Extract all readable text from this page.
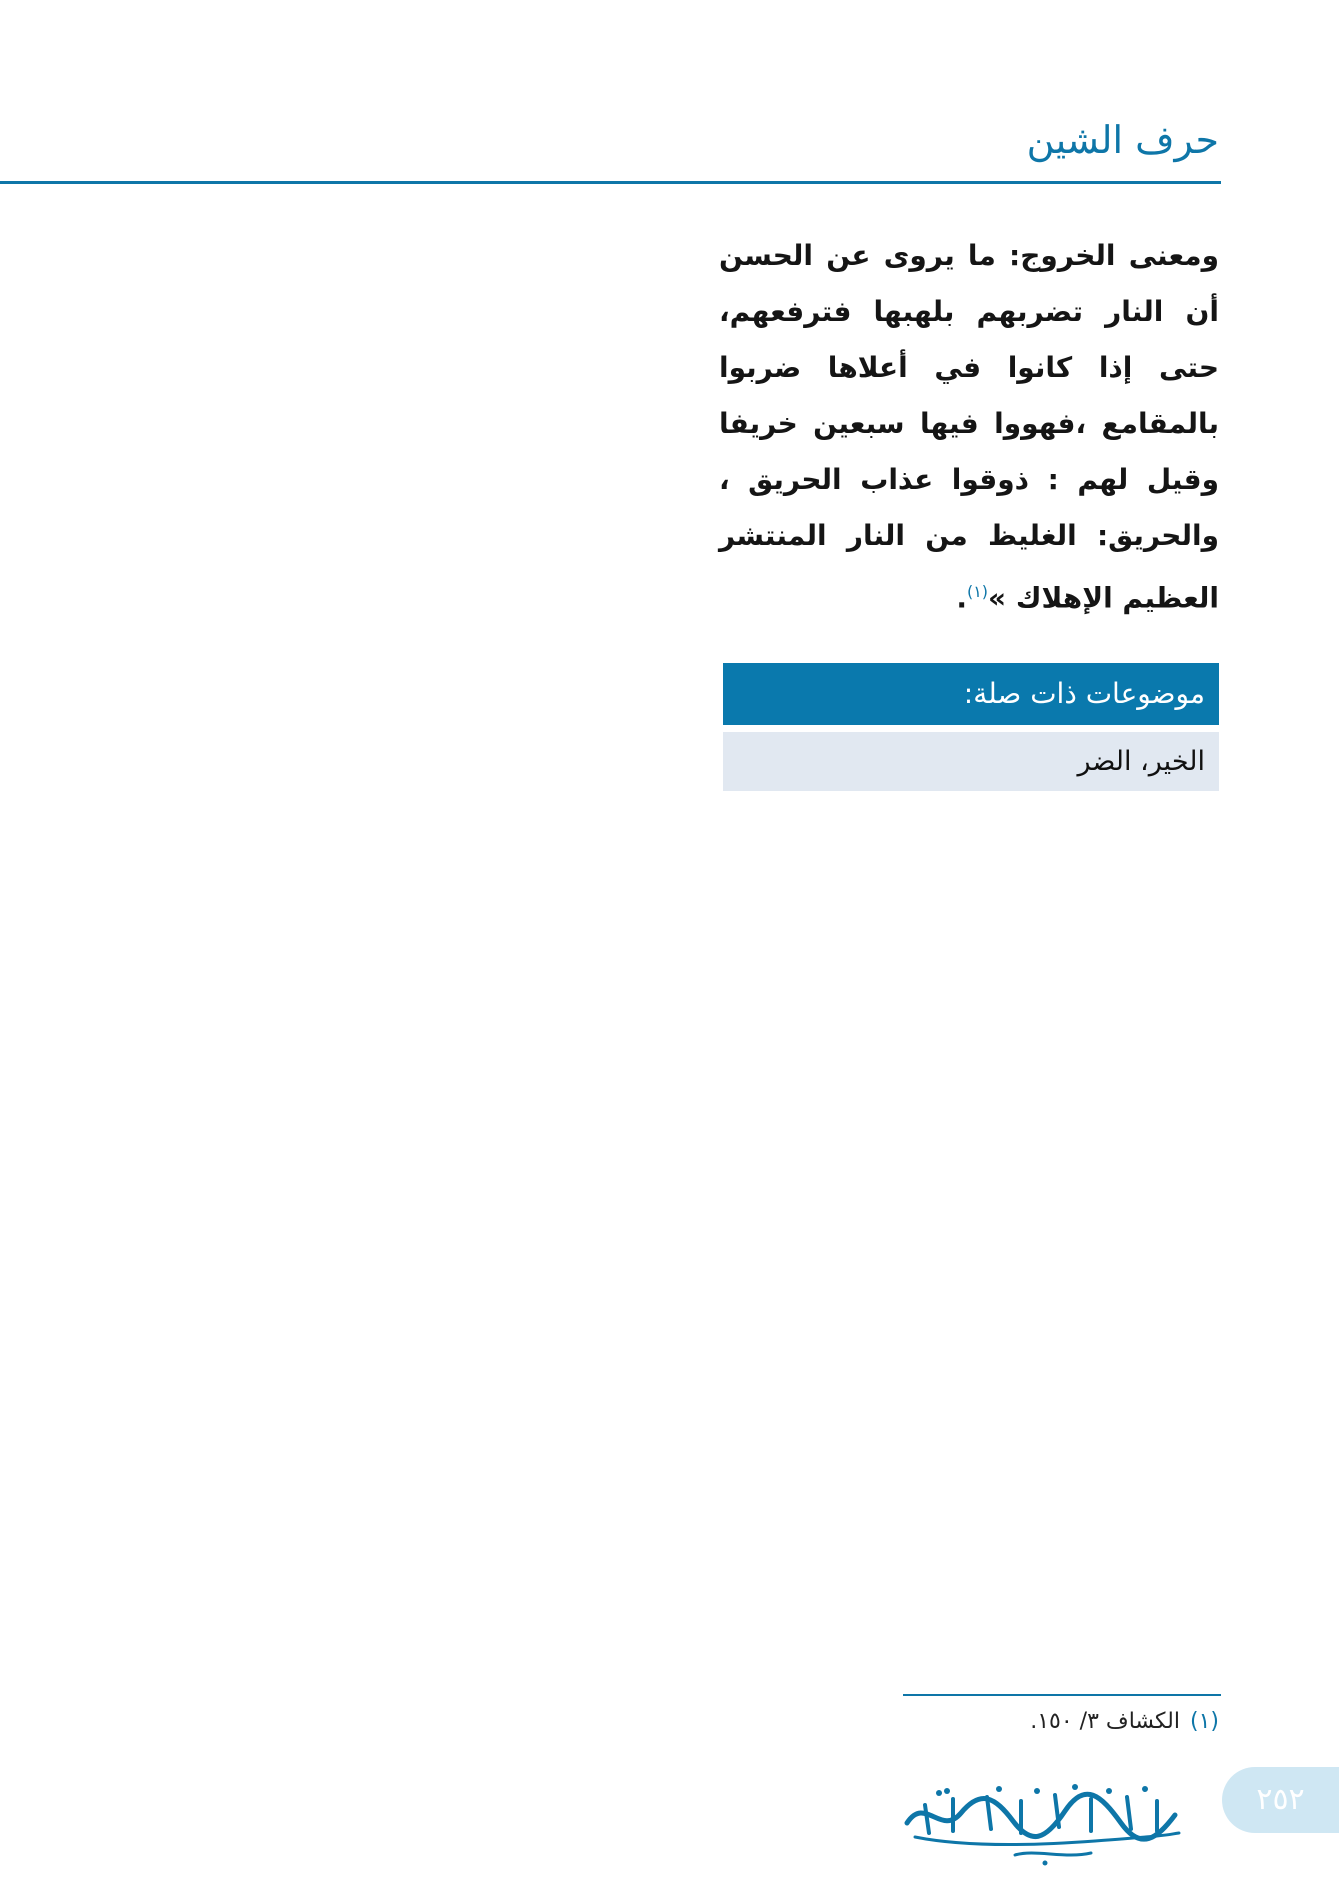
حرف الشين
ومعنى الخروج: ما يروى عن الحسن أن النار تضربهم بلهبها فترفعهم، حتى إذا كانوا في أعلاها ضربوا بالمقامع ،فهووا فيها سبعين خريفا وقيل لهم : ذوقوا عذاب الحريق ، والحريق: الغليظ من النار المنتشر العظيم الإهلاك »$^{(١)}$.
موضوعات ذات صلة:
الخير، الضر
(١)الكشاف ٣/ ١٥٠.
٢٥٢
